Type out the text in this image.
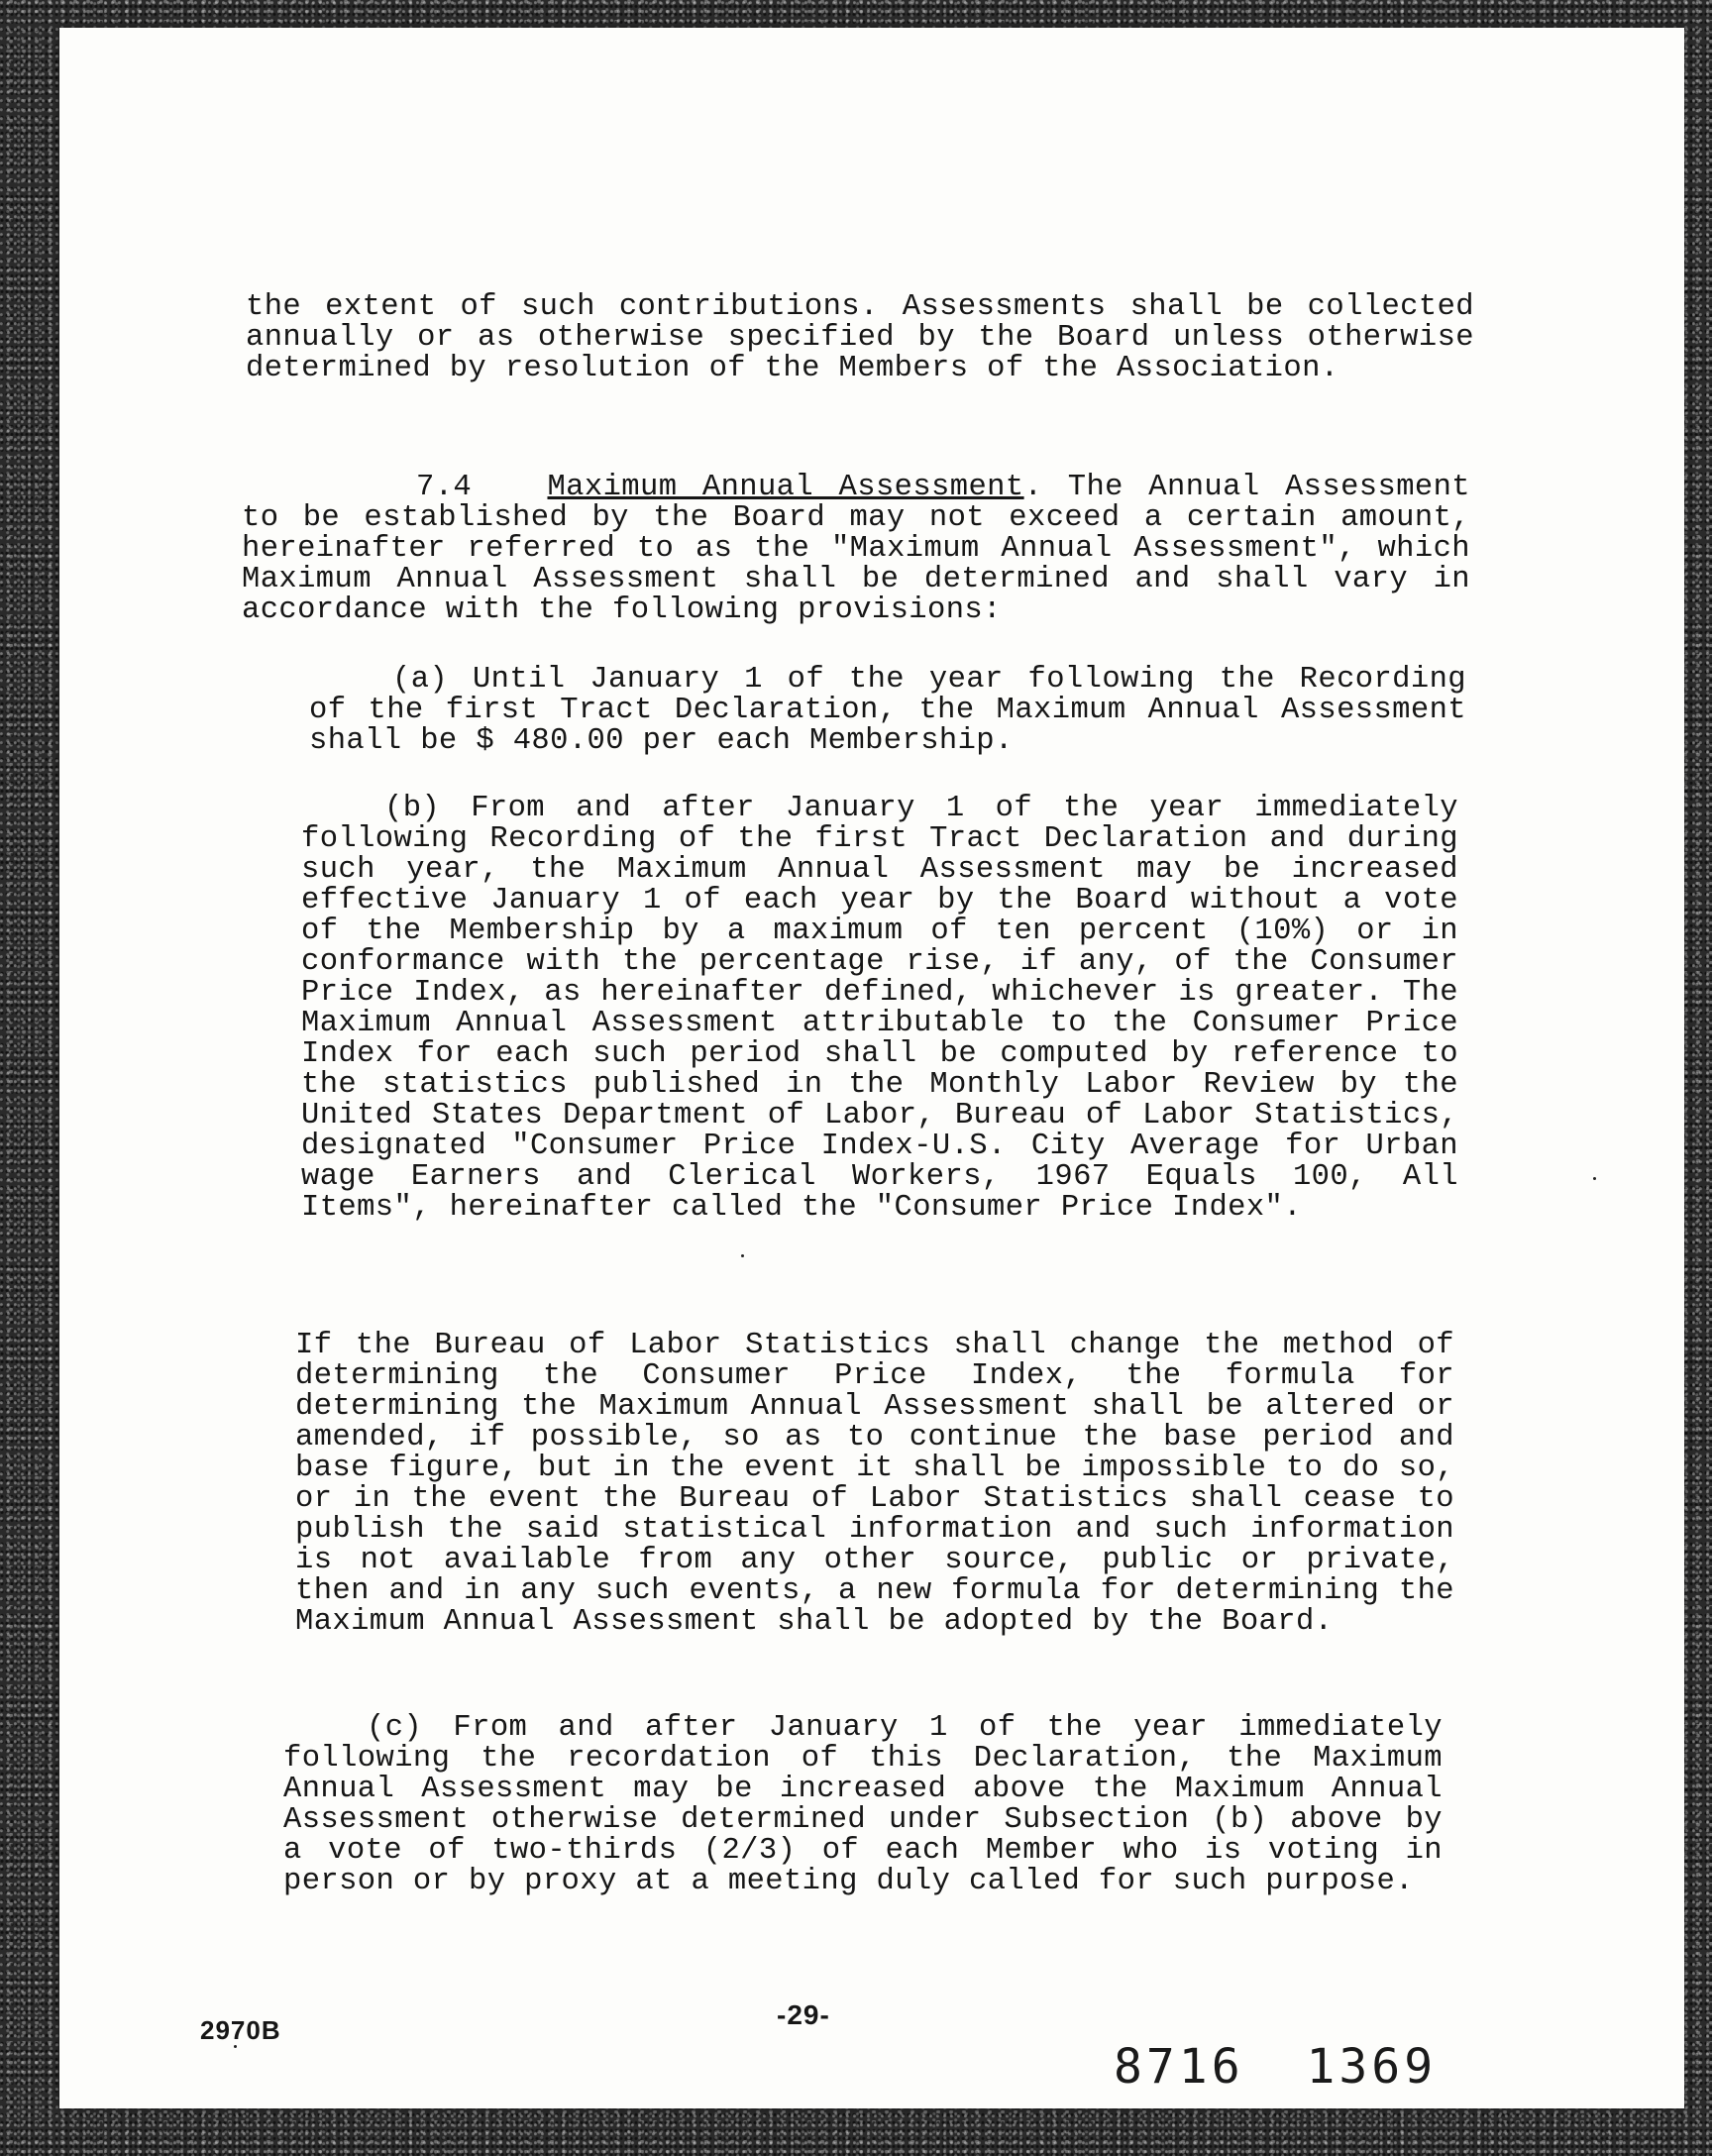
the extent of such contributions. Assessments shall be collected annually or as otherwise specified by the Board unless otherwise determined by resolution of the Members of the Association.

7.4	Maximum Annual Assessment. The Annual Assessment to be established by the Board may not exceed a certain amount, hereinafter referred to as the "Maximum Annual Assessment", which Maximum Annual Assessment shall be determined and shall vary in accordance with the following provisions:

(a) Until January 1 of the year following the Recording of the first Tract Declaration, the Maximum Annual Assessment shall be $ 480.00 per each Membership.

(b) From and after January 1 of the year immediately following Recording of the first Tract Declaration and during such year, the Maximum Annual Assessment may be increased effective January 1 of each year by the Board without a vote of the Membership by a maximum of ten percent (10%) or in conformance with the percentage rise, if any, of the Consumer Price Index, as hereinafter defined, whichever is greater. The Maximum Annual Assessment attributable to the Consumer Price Index for each such period shall be computed by reference to the statistics published in the Monthly Labor Review by the United States Department of Labor, Bureau of Labor Statistics, designated "Consumer Price Index-U.S. City Average for Urban wage Earners and Clerical Workers, 1967 Equals 100, All Items", hereinafter called the "Consumer Price Index".

If the Bureau of Labor Statistics shall change the method of determining the Consumer Price Index, the formula for determining the Maximum Annual Assessment shall be altered or amended, if possible, so as to continue the base period and base figure, but in the event it shall be impossible to do so, or in the event the Bureau of Labor Statistics shall cease to publish the said statistical information and such information is not available from any other source, public or private, then and in any such events, a new formula for determining the Maximum Annual Assessment shall be adopted by the Board.

(c) From and after January 1 of the year immediately following the recordation of this Declaration, the Maximum Annual Assessment may be increased above the Maximum Annual Assessment otherwise determined under Subsection (b) above by a vote of two-thirds (2/3) of each Member who is voting in person or by proxy at a meeting duly called for such purpose.

2970B	-29-
8716 1369
